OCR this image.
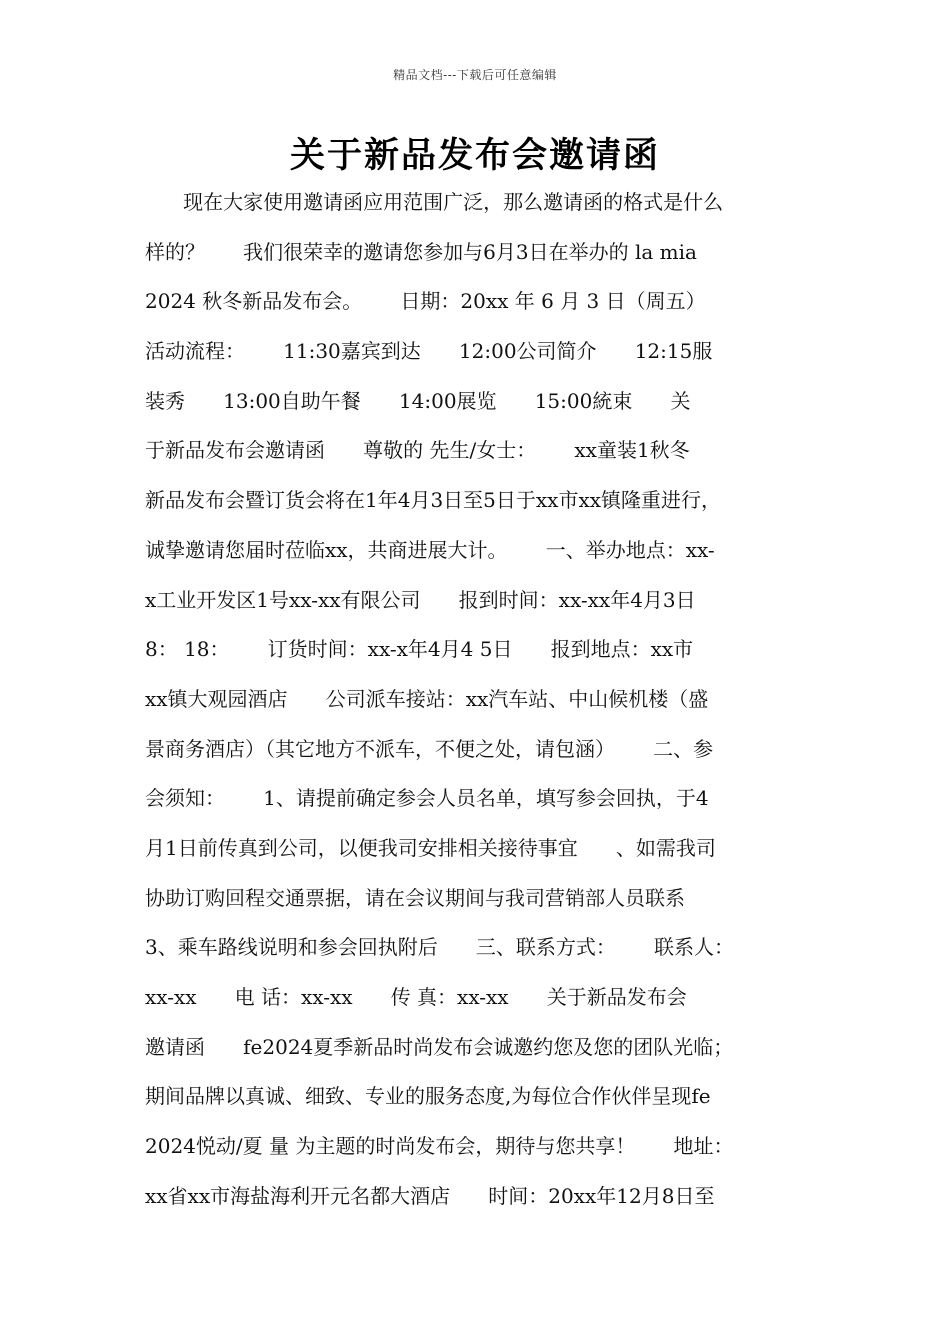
精品文档---下载后可任意编辑
关于新品发布会邀请函
现在大家使用邀请函应用范围广泛，那么邀请函的格式是什么
样的？      我们很荣幸的邀请您参加与6月3日在举办的 la mia
2024 秋冬新品发布会。      日期：20xx 年 6 月 3 日（周五）
活动流程：      11:30嘉宾到达      12:00公司简介      12:15服
装秀      13:00自助午餐      14:00展览      15:00統束      关
于新品发布会邀请函      尊敬的 先生/女士：      xx童装1秋冬
新品发布会暨订货会将在1年4月3日至5日于xx市xx镇隆重进行，
诚挚邀请您届时莅临xx，共商进展大计。      一、举办地点：xx-
x工业开发区1号xx-xx有限公司      报到时间：xx-xx年4月3日
8： 18：      订货时间：xx-x年4月4 5日      报到地点：xx市
xx镇大观园酒店      公司派车接站：xx汽车站、中山候机楼（盛
景商务酒店）（其它地方不派车，不便之处，请包涵）      二、参
会须知：      1、请提前确定参会人员名单，填写参会回执，于4
月1日前传真到公司，以便我司安排相关接待事宜      、如需我司
协助订购回程交通票据，请在会议期间与我司营销部人员联系
3、乘车路线说明和参会回执附后      三、联系方式：      联系人：
xx-xx      电 话：xx-xx      传 真：xx-xx      关于新品发布会
邀请函      fe2024夏季新品时尚发布会诚邀约您及您的团队光临；
期间品牌以真诚、细致、专业的服务态度,为每位合作伙伴呈现fe
2024悦动/夏 量 为主题的时尚发布会，期待与您共享！      地址：
xx省xx市海盐海利开元名都大酒店      时间：20xx年12月8日至
